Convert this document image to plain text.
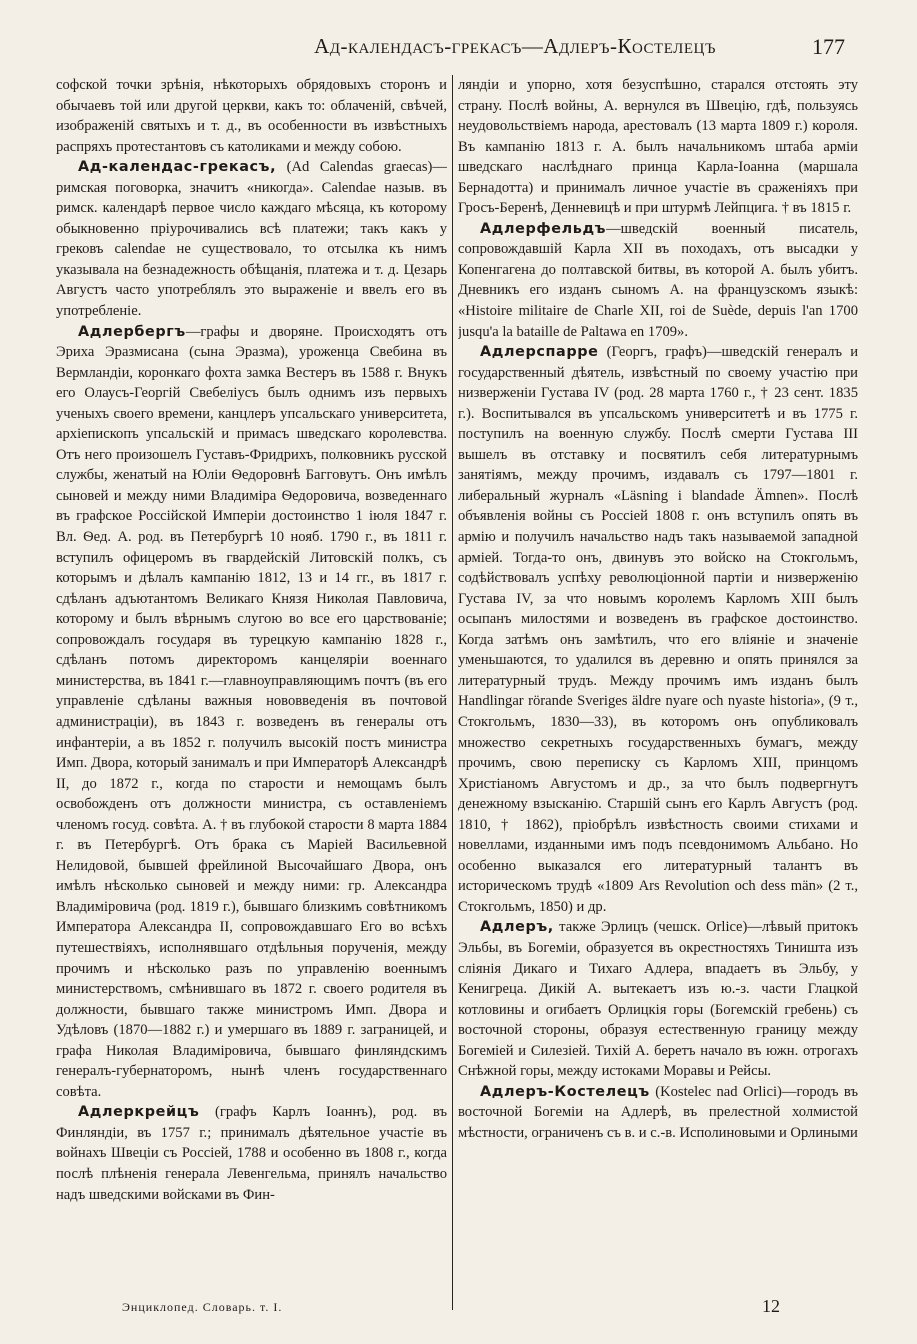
Ад-календасъ-грекасъ—Адлеръ-Костелецъ	177

софской точки зрѣнія, нѣкоторыхъ обрядовыхъ сторонъ и обычаевъ той или другой церкви, какъ то: облаченій, свѣчей, изображеній святыхъ и т. д., въ особенности въ извѣстныхъ распряхъ протестантовъ съ католиками и между собою.

Ад-календас-грекасъ, (Ad Calendas graecas)—римская поговорка, значитъ «никогда». Calendae назыв. въ римск. календарѣ первое число каждаго мѣсяца, къ которому обыкновенно пріурочивались всѣ платежи; такъ какъ у грековъ calendae не существовало, то отсылка къ нимъ указывала на безнадежность обѣщанія, платежа и т. д. Цезарь Августъ часто употреблялъ это выраженіе и ввелъ его въ употребленіе.

Адлербергъ—графы и дворяне. Происходятъ отъ Эриха Эразмисана (сына Эразма), уроженца Свебина въ Вермландіи, коронкаго фохта замка Вестеръ въ 1588 г. Внукъ его Олаусъ-Георгій Свебеліусъ былъ однимъ изъ первыхъ ученыхъ своего времени, канцлеръ упсальскаго университета, архіепископъ упсальскій и примасъ шведскаго королевства. Отъ него произошелъ Густавъ-Фридрихъ, полковникъ русской службы, женатый на Юліи Ѳедоровнѣ Багговутъ. Онъ имѣлъ сыновей и между ними Владиміра Ѳедоровича, возведеннаго въ графское Россійской Имперіи достоинство 1 іюля 1847 г. Вл. Ѳед. А. род. въ Петербургѣ 10 нояб. 1790 г., въ 1811 г. вступилъ офицеромъ въ гвардейскій Литовскій полкъ, съ которымъ и дѣлалъ кампанію 1812, 13 и 14 гг., въ 1817 г. сдѣланъ адъютантомъ Великаго Князя Николая Павловича, которому и былъ вѣрнымъ слугою во все его царствованіе; сопровождалъ государя въ турецкую кампанію 1828 г., сдѣланъ потомъ директоромъ канцеляріи военнаго министерства, въ 1841 г.—главноуправляющимъ почтъ (въ его управленіе сдѣланы важныя нововведенія въ почтовой администраціи), въ 1843 г. возведенъ въ генералы отъ инфантеріи, а въ 1852 г. получилъ высокій постъ министра Имп. Двора, который занималъ и при Императорѣ Александрѣ II, до 1872 г., когда по старости и немощамъ былъ освобожденъ отъ должности министра, съ оставленіемъ членомъ госуд. совѣта. А. † въ глубокой старости 8 марта 1884 г. въ Петербургѣ. Отъ брака съ Маріей Васильевной Нелидовой, бывшей фрейлиной Высочайшаго Двора, онъ имѣлъ нѣсколько сыновей и между ними: гр. Александра Владиміровича (род. 1819 г.), бывшаго близкимъ совѣтникомъ Императора Александра II, сопровождавшаго Его во всѣхъ путешествіяхъ, исполнявшаго отдѣльныя порученія, между прочимъ и нѣсколько разъ по управленію военнымъ министерствомъ, смѣнившаго въ 1872 г. своего родителя въ должности, бывшаго также министромъ Имп. Двора и Удѣловъ (1870—1882 г.) и умершаго въ 1889 г. заграницей, и графа Николая Владиміровича, бывшаго финляндскимъ генералъ-губернаторомъ, нынѣ членъ государственнаго совѣта.

Адлеркрейцъ (графъ Карлъ Іоаннъ), род. въ Финляндіи, въ 1757 г.; принималъ дѣятельное участіе въ войнахъ Швеціи съ Россіей, 1788 и особенно въ 1808 г., когда послѣ плѣненія генерала Левенгельма, принялъ начальство надъ шведскими войсками въ Фин-

ляндіи и упорно, хотя безуспѣшно, старался отстоять эту страну. Послѣ войны, А. вернулся въ Швецію, гдѣ, пользуясь неудовольствіемъ народа, арестовалъ (13 марта 1809 г.) короля. Въ кампанію 1813 г. А. былъ начальникомъ штаба арміи шведскаго наслѣднаго принца Карла-Іоанна (маршала Бернадотта) и принималъ личное участіе въ сраженіяхъ при Гросъ-Беренѣ, Денневицѣ и при штурмѣ Лейпцига. † въ 1815 г.

Адлерфельдъ—шведскій военный писатель, сопровождавшій Карла XII въ походахъ, отъ высадки у Копенгагена до полтавской битвы, въ которой А. былъ убитъ. Дневникъ его изданъ сыномъ А. на французскомъ языкѣ: «Histoire militaire de Charle XII, roi de Suède, depuis l'an 1700 jusqu'a la bataille de Paltawa en 1709».

Адлерспарре (Георгъ, графъ)—шведскій генералъ и государственный дѣятель, извѣстный по своему участію при низверженіи Густава IV (род. 28 марта 1760 г., † 23 сент. 1835 г.). Воспитывался въ упсальскомъ университетѣ и въ 1775 г. поступилъ на военную службу. Послѣ смерти Густава III вышелъ въ отставку и посвятилъ себя литературнымъ занятіямъ, между прочимъ, издавалъ съ 1797—1801 г. либеральный журналъ «Läsning i blandade Ämnen». Послѣ объявленія войны съ Россіей 1808 г. онъ вступилъ опять въ армію и получилъ начальство надъ такъ называемой западной арміей. Тогда-то онъ, двинувъ это войско на Стокгольмъ, содѣйствовалъ успѣху революціонной партіи и низверженію Густава IV, за что новымъ королемъ Карломъ XIII былъ осыпанъ милостями и возведенъ въ графское достоинство. Когда затѣмъ онъ замѣтилъ, что его вліяніе и значеніе уменьшаются, то удалился въ деревню и опять принялся за литературный трудъ. Между прочимъ имъ изданъ былъ Handlingar rörande Sveriges äldre nyare och nyaste historia», (9 т., Стокгольмъ, 1830—33), въ которомъ онъ опубликовалъ множество секретныхъ государственныхъ бумагъ, между прочимъ, свою переписку съ Карломъ XIII, принцомъ Христіаномъ Августомъ и др., за что былъ подвергнутъ денежному взысканію. Старшій сынъ его Карлъ Августъ (род. 1810, † 1862), пріобрѣлъ извѣстность своими стихами и новеллами, изданными имъ подъ псевдонимомъ Альбано. Но особенно выказался его литературный талантъ въ историческомъ трудѣ «1809 Ars Revolution och dess män» (2 т., Стокгольмъ, 1850) и др.

Адлеръ, также Эрлицъ (чешск. Orlice)—лѣвый притокъ Эльбы, въ Богеміи, образуется въ окрестностяхъ Тиништа изъ сліянія Дикаго и Тихаго Адлера, впадаетъ въ Эльбу, у Кенигреца. Дикій А. вытекаетъ изъ ю.-з. части Глацкой котловины и огибаетъ Орлицкія горы (Богемскій гребень) съ восточной стороны, образуя естественную границу между Богеміей и Силезіей. Тихій А. беретъ начало въ южн. отрогахъ Снѣжной горы, между истоками Моравы и Рейсы.

Адлеръ-Костелецъ (Kostelec nad Orlici)—городъ въ восточной Богеміи на Адлерѣ, въ прелестной холмистой мѣстности, ограниченъ съ в. и с.-в. Исполиновыми и Орлиными

Энциклопед. Словарь. т. I.	12
